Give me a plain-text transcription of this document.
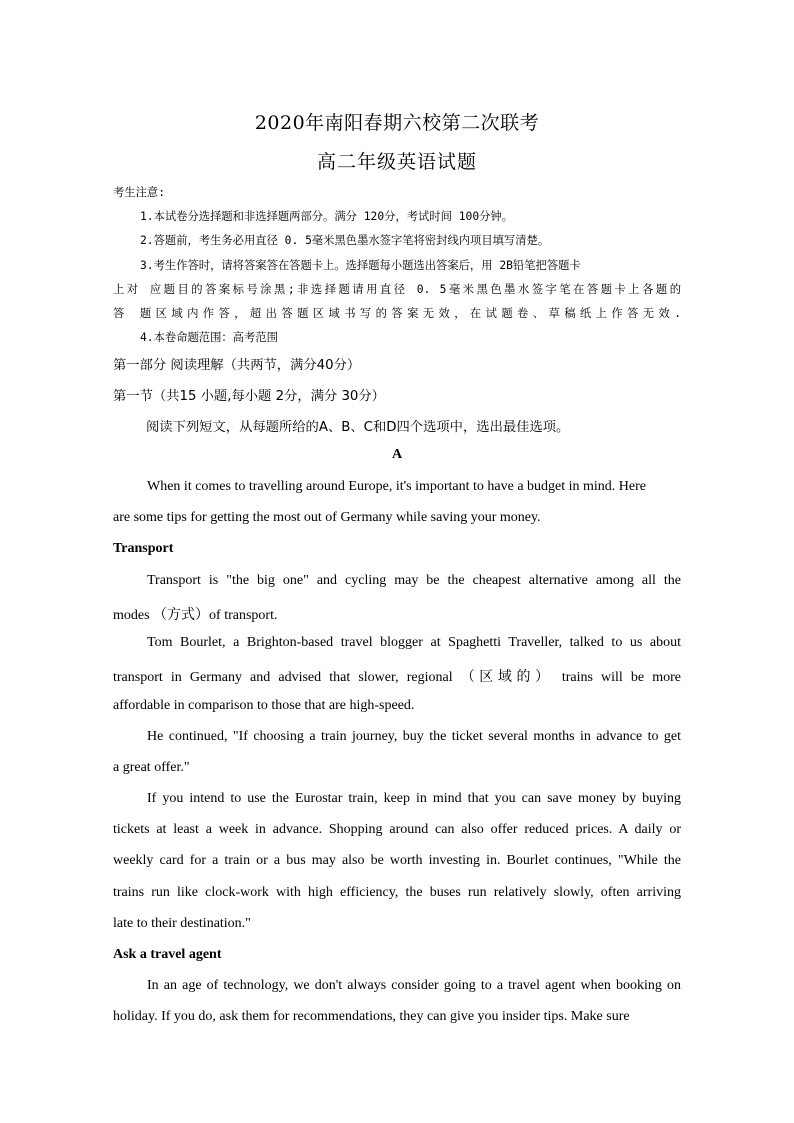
2020年南阳春期六校第二次联考
高二年级英语试题
考生注意:
1.本试卷分选择题和非选择题两部分。满分 120分，考试时间 100分钟。
2.答题前，考生务必用直径 0. 5毫米黑色墨水签字笔将密封线内项目填写清楚。
3.考生作答时，请将答案答在答题卡上。选择题每小题选出答案后，用 2B铅笔把答题卡
上对 应题目的答案标号涂黑;非选择题请用直径 0. 5毫米黑色墨水签字笔在答题卡上各题的
答 题区域内作答，超出答题区域书写的答案无效，在试题卷、草稿纸上作答无效.
4.本卷命题范围：高考范围
第一部分 阅读理解（共两节，满分40分）
第一节（共15 小题,每小题 2分，满分 30分）
阅读下列短文，从每题所给的A、B、C和D四个选项中，选出最佳选项。
A
When it comes to travelling around Europe, it's important to have a budget in mind. Here
are some tips for getting the most out of Germany while saving your money.
Transport
Transport is "the big one" and cycling may be the cheapest alternative among all the
modes （方式）of transport.
Tom Bourlet, a Brighton-based travel blogger at Spaghetti Traveller, talked to us about
transport in Germany and advised that slower, regional （区域的） trains will be more
affordable in comparison to those that are high-speed.
He continued, "If choosing a train journey, buy the ticket several months in advance to get
a great offer."
If you intend to use the Eurostar train, keep in mind that you can save money by buying
tickets at least a week in advance. Shopping around can also offer reduced prices. A daily or
weekly card for a train or a bus may also be worth investing in. Bourlet continues, "While the
trains run like clock-work with high efficiency, the buses run relatively slowly, often arriving
late to their destination."
Ask a travel agent
In an age of technology, we don't always consider going to a travel agent when booking on
holiday. If you do, ask them for recommendations, they can give you insider tips. Make sure
